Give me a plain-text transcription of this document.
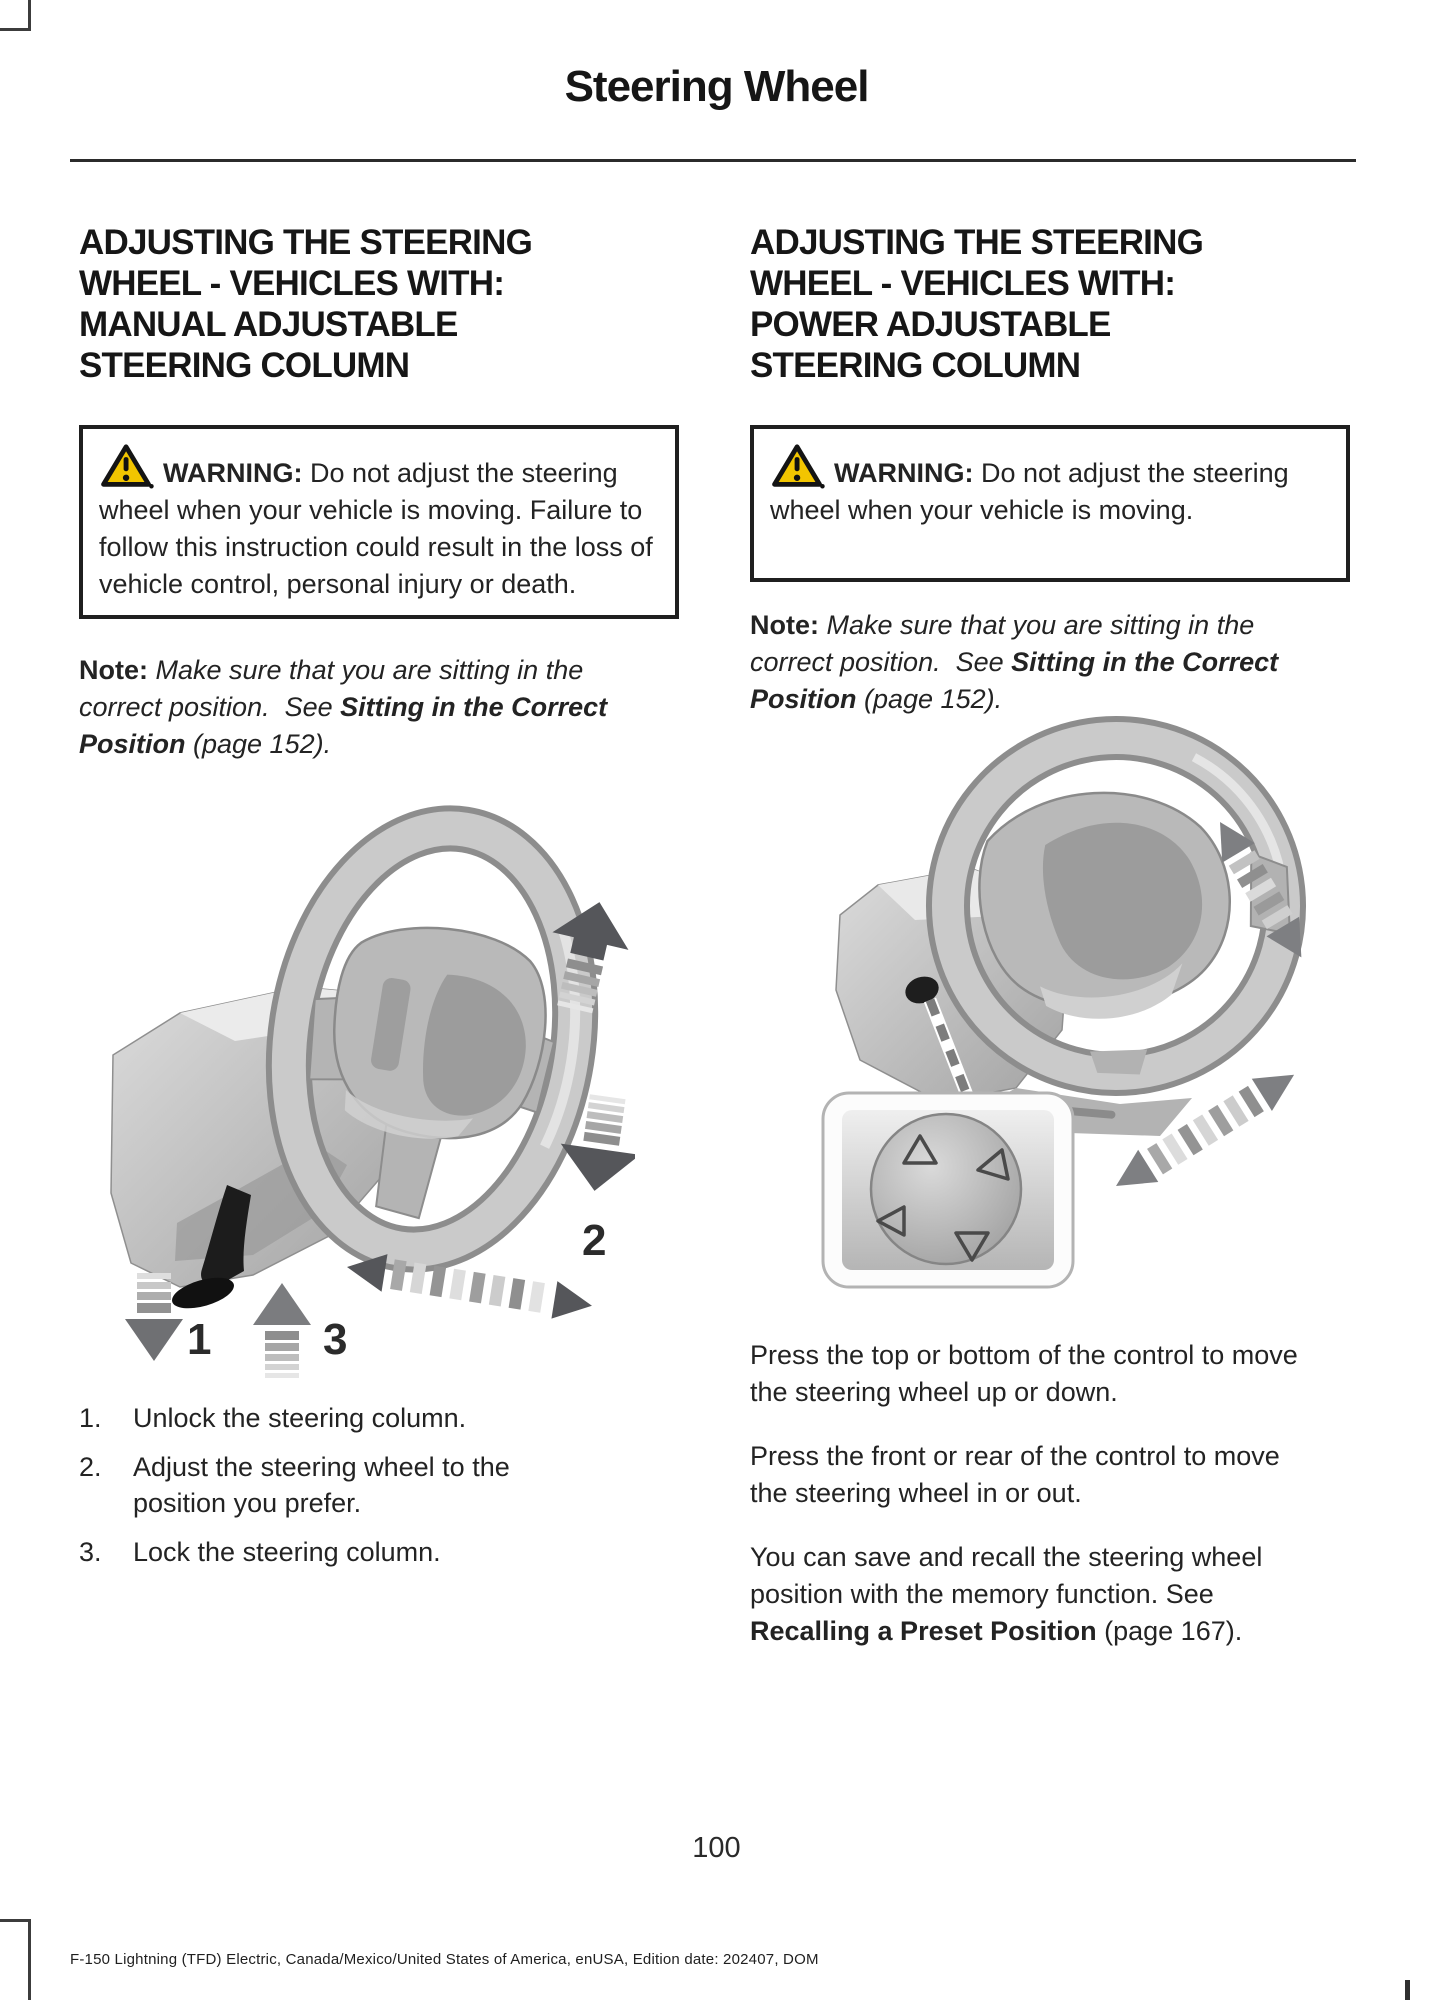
Steering Wheel
ADJUSTING THE STEERING
WHEEL - VEHICLES WITH:
MANUAL ADJUSTABLE
STEERING COLUMN
WARNING: Do not adjust the steering wheel when your vehicle is moving. Failure to follow this instruction could result in the loss of vehicle control, personal injury or death.
Note: Make sure that you are sitting in the correct position.  See Sitting in the Correct Position (page 152).
1
2
3
1.	Unlock the steering column.
2.	Adjust the steering wheel to the position you prefer.
3.	Lock the steering column.
ADJUSTING THE STEERING
WHEEL - VEHICLES WITH:
POWER ADJUSTABLE
STEERING COLUMN
WARNING: Do not adjust the steering wheel when your vehicle is moving.
Note: Make sure that you are sitting in the correct position.  See Sitting in the Correct Position (page 152).

Press the top or bottom of the control to move the steering wheel up or down.

Press the front or rear of the control to move the steering wheel in or out.

You can save and recall the steering wheel position with the memory function. See Recalling a Preset Position (page 167).

100
F-150 Lightning (TFD) Electric, Canada/Mexico/United States of America, enUSA, Edition date: 202407, DOM
